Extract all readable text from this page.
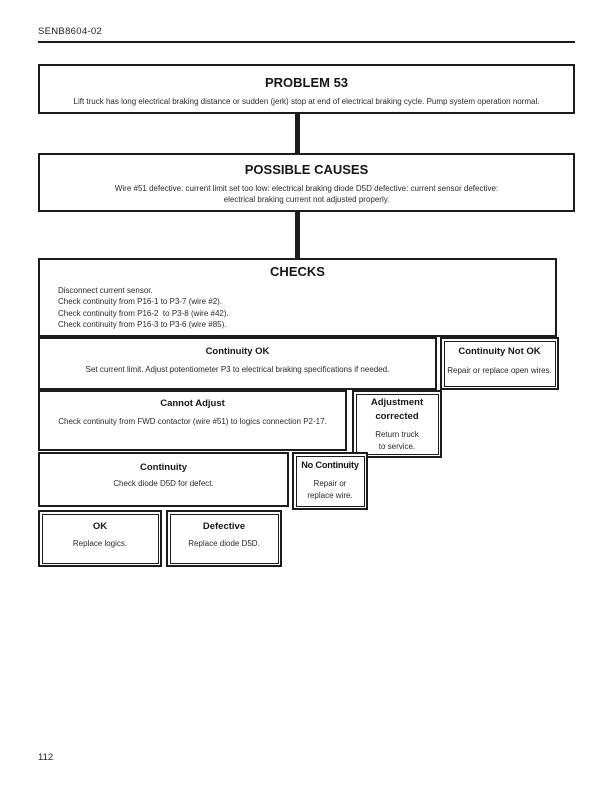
SENB8604-02
PROBLEM 53
Lift truck has long electrical braking distance or sudden (jerk) stop at end of electrical braking cycle. Pump system operation normal.
POSSIBLE CAUSES
Wire #51 defective: current limit set too low: electrical braking diode D5D defective: current sensor defective:
electrical braking current not adjusted properly.
CHECKS
Disconnect current sensor.
Check continuity from P16-1 to P3-7 (wire #2).
Check continuity from P16-2  to P3-8 (wire #42).
Check continuity from P16-3 to P3-6 (wire #85).
Continuity OK
Set current limit. Adjust potentiometer P3 to electrical braking specifications if needed.
Continuity Not OK
Repair or replace open wires.
Cannot Adjust
Check continuity from FWD contactor (wire #51) to logics connection P2-17.
Adjustment
corrected
Return truck
to service.
Continuity
Check diode D5D for defect.
No Continuity
Repair or
replace wire.
OK
Replace logics.
Defective
Replace diode D5D.
112
